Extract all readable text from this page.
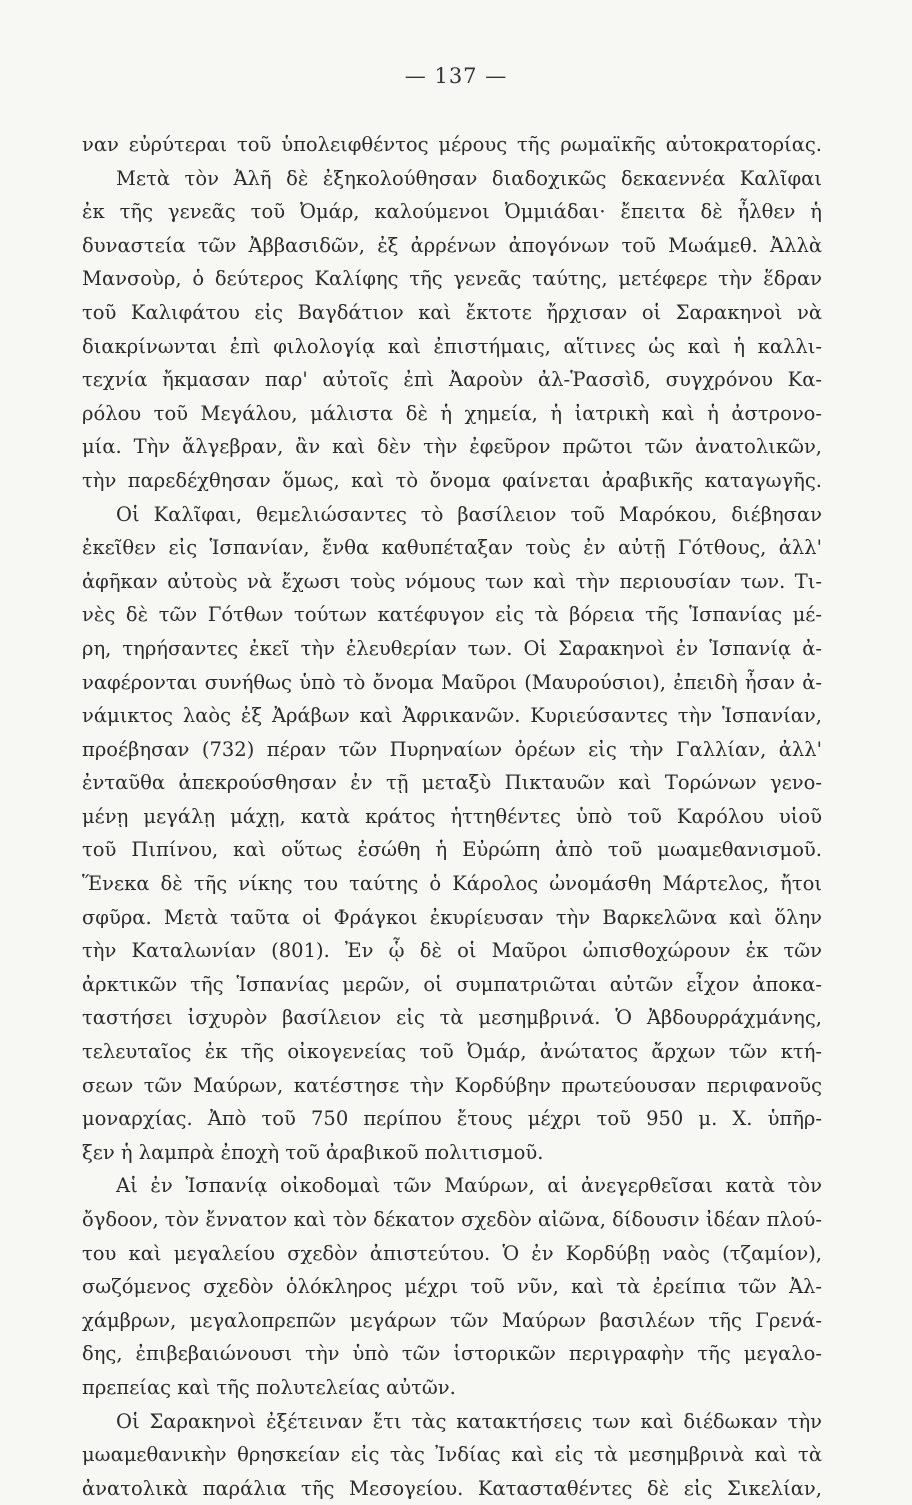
— 137 —
ναν εὐρύτεραι τοῦ ὑπολειφθέντος μέρους τῆς ρωμαϊκῆς αὐτοκρατορίας.
Μετὰ τὸν Ἀλῆ δὲ ἐξηκολούθησαν διαδοχικῶς δεκαεννέα Καλῖφαι
ἐκ τῆς γενεᾶς τοῦ Ὀμάρ, καλούμενοι Ὀμμιάδαι· ἔπειτα δὲ ἦλθεν ἡ
δυναστεία τῶν Ἀββασιδῶν, ἐξ ἀρρένων ἀπογόνων τοῦ Μωάμεθ. Ἀλλὰ
Μανσοὺρ, ὁ δεύτερος Καλίφης τῆς γενεᾶς ταύτης, μετέφερε τὴν ἕδραν
τοῦ Καλιφάτου εἰς Βαγδάτιον καὶ ἔκτοτε ἤρχισαν οἱ Σαρακηνοὶ νὰ
διακρίνωνται ἐπὶ φιλολογίᾳ καὶ ἐπιστήμαις, αἵτινες ὡς καὶ ἡ καλλι-
τεχνία ἤκμασαν παρ' αὐτοῖς ἐπὶ Ἀαροὺν ἀλ-Ῥασσὶδ, συγχρόνου Κα-
ρόλου τοῦ Μεγάλου, μάλιστα δὲ ἡ χημεία, ἡ ἰατρικὴ καὶ ἡ ἀστρονο-
μία. Τὴν ἄλγεβραν, ἂν καὶ δὲν τὴν ἐφεῦρον πρῶτοι τῶν ἀνατολικῶν,
τὴν παρεδέχθησαν ὅμως, καὶ τὸ ὄνομα φαίνεται ἀραβικῆς καταγωγῆς.
Οἱ Καλῖφαι, θεμελιώσαντες τὸ βασίλειον τοῦ Μαρόκου, διέβησαν
ἐκεῖθεν εἰς Ἱσπανίαν, ἔνθα καθυπέταξαν τοὺς ἐν αὐτῇ Γότθους, ἀλλ'
ἀφῆκαν αὐτοὺς νὰ ἔχωσι τοὺς νόμους των καὶ τὴν περιουσίαν των. Τι-
νὲς δὲ τῶν Γότθων τούτων κατέφυγον εἰς τὰ βόρεια τῆς Ἱσπανίας μέ-
ρη, τηρήσαντες ἐκεῖ τὴν ἐλευθερίαν των. Οἱ Σαρακηνοὶ ἐν Ἱσπανίᾳ ἀ-
ναφέρονται συνήθως ὑπὸ τὸ ὄνομα Μαῦροι (Μαυρούσιοι), ἐπειδὴ ἦσαν ἀ-
νάμικτος λαὸς ἐξ Ἀράβων καὶ Ἀφρικανῶν. Κυριεύσαντες τὴν Ἱσπανίαν,
προέβησαν (732) πέραν τῶν Πυρηναίων ὀρέων εἰς τὴν Γαλλίαν, ἀλλ'
ἐνταῦθα ἀπεκρούσθησαν ἐν τῇ μεταξὺ Πικταυῶν καὶ Τορώνων γενο-
μένῃ μεγάλῃ μάχῃ, κατὰ κράτος ἡττηθέντες ὑπὸ τοῦ Καρόλου υἱοῦ
τοῦ Πιπίνου, καὶ οὕτως ἐσώθη ἡ Εὐρώπη ἀπὸ τοῦ μωαμεθανισμοῦ.
Ἕνεκα δὲ τῆς νίκης του ταύτης ὁ Κάρολος ὠνομάσθη Μάρτελος, ἤτοι
σφῦρα. Μετὰ ταῦτα οἱ Φράγκοι ἐκυρίευσαν τὴν Βαρκελῶνα καὶ ὅλην
τὴν Καταλωνίαν (801). Ἐν ᾧ δὲ οἱ Μαῦροι ὠπισθοχώρουν ἐκ τῶν
ἀρκτικῶν τῆς Ἱσπανίας μερῶν, οἱ συμπατριῶται αὐτῶν εἶχον ἀποκα-
ταστήσει ἰσχυρὸν βασίλειον εἰς τὰ μεσημβρινά. Ὁ Ἀβδουρράχμάνης,
τελευταῖος ἐκ τῆς οἰκογενείας τοῦ Ὀμάρ, ἀνώτατος ἄρχων τῶν κτή-
σεων τῶν Μαύρων, κατέστησε τὴν Κορδύβην πρωτεύουσαν περιφανοῦς
μοναρχίας. Ἀπὸ τοῦ 750 περίπου ἔτους μέχρι τοῦ 950 μ. Χ. ὑπῆρ-
ξεν ἡ λαμπρὰ ἐποχὴ τοῦ ἀραβικοῦ πολιτισμοῦ.
Αἱ ἐν Ἱσπανίᾳ οἰκοδομαὶ τῶν Μαύρων, αἱ ἀνεγερθεῖσαι κατὰ τὸν
ὄγδοον, τὸν ἔννατον καὶ τὸν δέκατον σχεδὸν αἰῶνα, δίδουσιν ἰδέαν πλού-
του καὶ μεγαλείου σχεδὸν ἀπιστεύτου. Ὁ ἐν Κορδύβῃ ναὸς (τζαμίον),
σωζόμενος σχεδὸν ὁλόκληρος μέχρι τοῦ νῦν, καὶ τὰ ἐρείπια τῶν Ἀλ-
χάμβρων, μεγαλοπρεπῶν μεγάρων τῶν Μαύρων βασιλέων τῆς Γρενά-
δης, ἐπιβεβαιώνουσι τὴν ὑπὸ τῶν ἱστορικῶν περιγραφὴν τῆς μεγαλο-
πρεπείας καὶ τῆς πολυτελείας αὐτῶν.
Οἱ Σαρακηνοὶ ἐξέτειναν ἔτι τὰς κατακτήσεις των καὶ διέδωκαν τὴν
μωαμεθανικὴν θρησκείαν εἰς τὰς Ἰνδίας καὶ εἰς τὰ μεσημβρινὰ καὶ τὰ
ἀνατολικὰ παράλια τῆς Μεσογείου. Κατασταθέντες δὲ εἰς Σικελίαν,
